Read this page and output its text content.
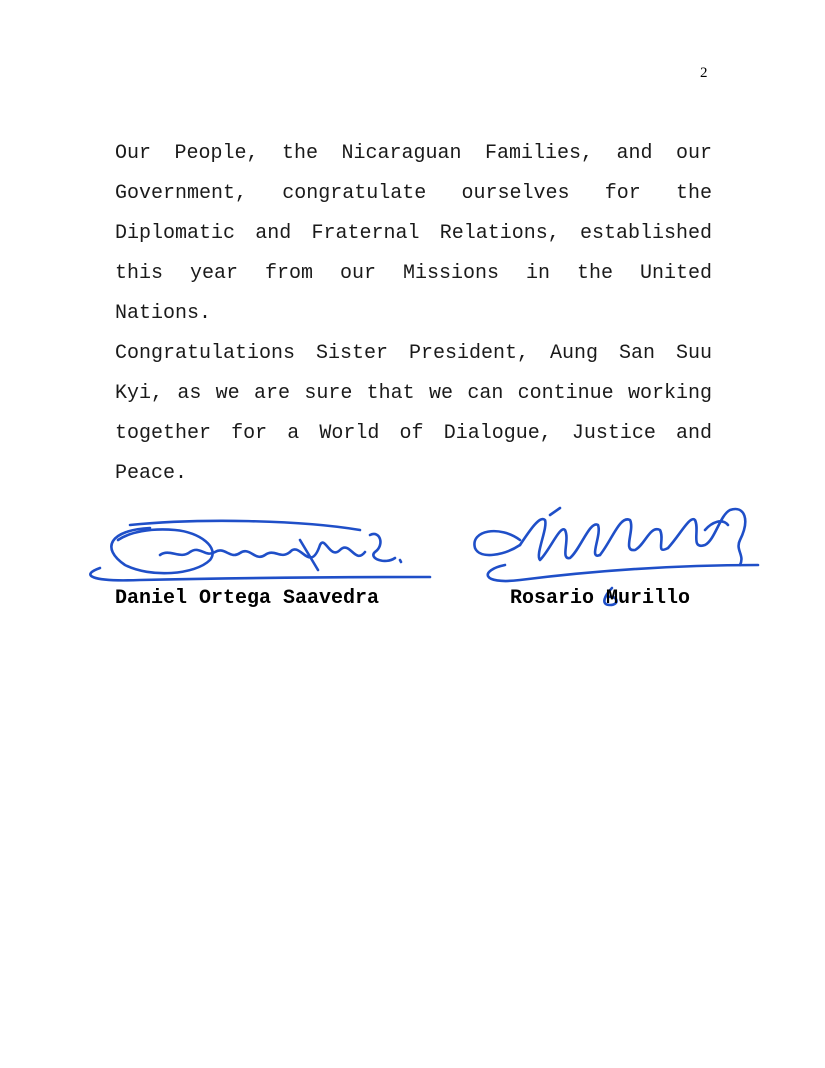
2

Our People, the Nicaraguan Families, and our Government, congratulate ourselves for the Diplomatic and Fraternal Relations, established this year from our Missions in the United Nations.

Congratulations Sister President, Aung San Suu Kyi, as we are sure that we can continue working together for a World of Dialogue, Justice and Peace.

Daniel Ortega Saavedra	Rosario Murillo
